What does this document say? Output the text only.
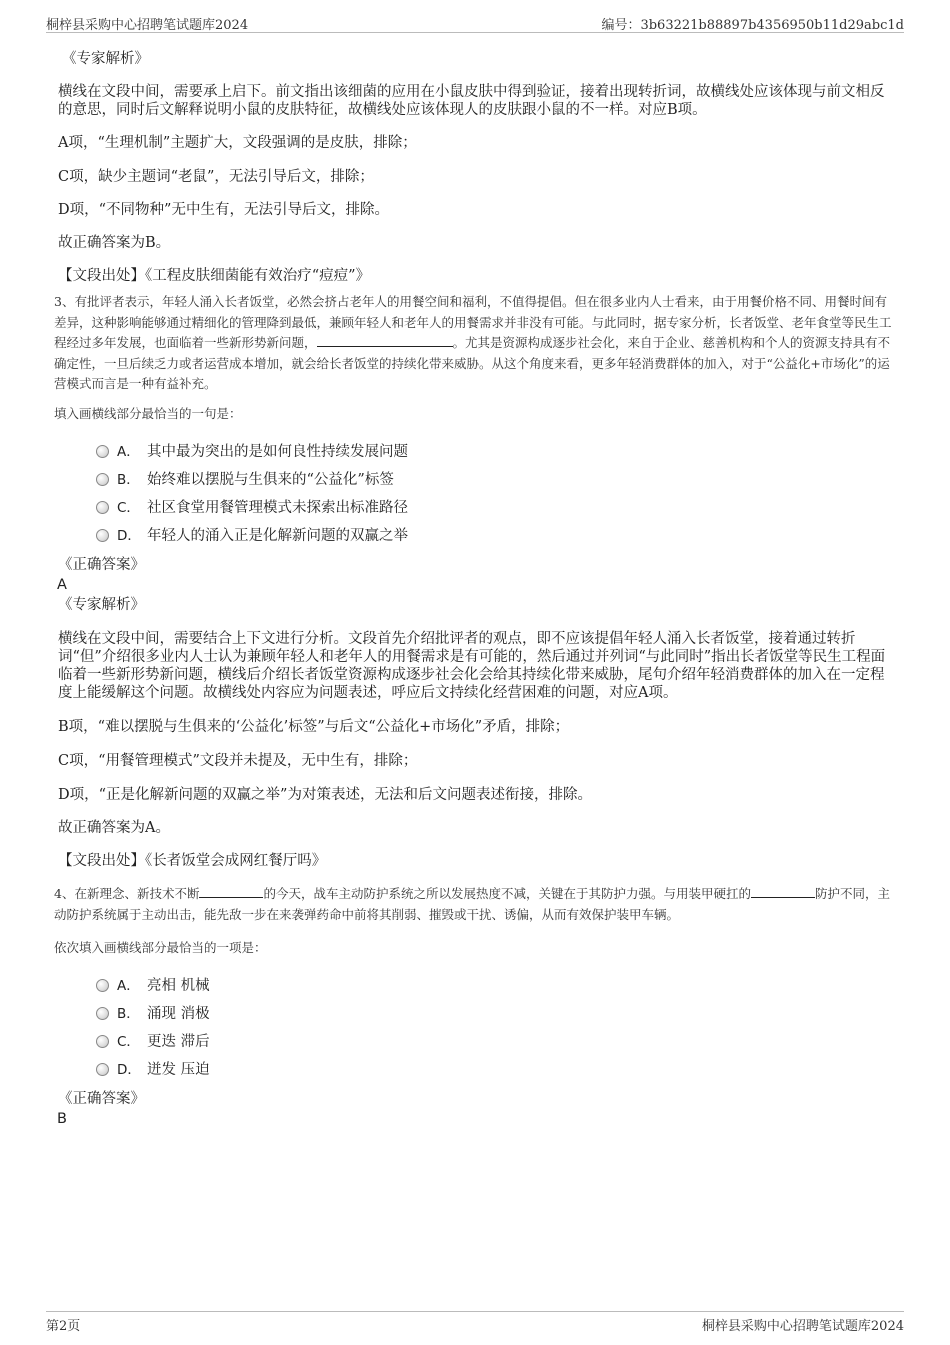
桐梓县采购中心招聘笔试题库2024	编号：3b63221b88897b4356950b11d29abc1d
《专家解析》
横线在文段中间，需要承上启下。前文指出该细菌的应用在小鼠皮肤中得到验证，接着出现转折词，故横线处应该体现与前文相反的意思，同时后文解释说明小鼠的皮肤特征，故横线处应该体现人的皮肤跟小鼠的不一样。对应B项。
A项，“生理机制”主题扩大，文段强调的是皮肤，排除；
C项，缺少主题词“老鼠”，无法引导后文，排除；
D项，“不同物种”无中生有，无法引导后文，排除。
故正确答案为B。
【文段出处】《工程皮肤细菌能有效治疗“痘痘”》
3、有批评者表示，年轻人涌入长者饭堂，必然会挤占老年人的用餐空间和福利，不值得提倡。但在很多业内人士看来，由于用餐价格不同、用餐时间有差异，这种影响能够通过精细化的管理降到最低，兼顾年轻人和老年人的用餐需求并非没有可能。与此同时，据专家分析，长者饭堂、老年食堂等民生工程经过多年发展，也面临着一些新形势新问题，	。尤其是资源构成逐步社会化，来自于企业、慈善机构和个人的资源支持具有不确定性，一旦后续乏力或者运营成本增加，就会给长者饭堂的持续化带来威胁。从这个角度来看，更多年轻消费群体的加入，对于“公益化+市场化”的运营模式而言是一种有益补充。
填入画横线部分最恰当的一句是：
A． 其中最为突出的是如何良性持续发展问题
B． 始终难以摆脱与生俱来的“公益化”标签
C． 社区食堂用餐管理模式未探索出标准路径
D． 年轻人的涌入正是化解新问题的双赢之举
《正确答案》
A
《专家解析》
横线在文段中间，需要结合上下文进行分析。文段首先介绍批评者的观点，即不应该提倡年轻人涌入长者饭堂，接着通过转折词“但”介绍很多业内人士认为兼顾年轻人和老年人的用餐需求是有可能的，然后通过并列词“与此同时”指出长者饭堂等民生工程面临着一些新形势新问题，横线后介绍长者饭堂资源构成逐步社会化会给其持续化带来威胁，尾句介绍年轻消费群体的加入在一定程度上能缓解这个问题。故横线处内容应为问题表述，呼应后文持续化经营困难的问题，对应A项。
B项，“难以摆脱与生俱来的‘公益化’标签”与后文“公益化+市场化”矛盾，排除；
C项，“用餐管理模式”文段并未提及，无中生有，排除；
D项，“正是化解新问题的双赢之举”为对策表述，无法和后文问题表述衔接，排除。
故正确答案为A。
【文段出处】《长者饭堂会成网红餐厅吗》
4、在新理念、新技术不断	的今天，战车主动防护系统之所以发展热度不减，关键在于其防护力强。与用装甲硬扛的	防护不同，主动防护系统属于主动出击，能先敌一步在来袭弹药命中前将其削弱、摧毁或干扰、诱偏，从而有效保护装甲车辆。
依次填入画横线部分最恰当的一项是：
A． 亮相 机械
B． 涌现 消极
C． 更迭 滞后
D． 迸发 压迫
《正确答案》
B
第2页	桐梓县采购中心招聘笔试题库2024
